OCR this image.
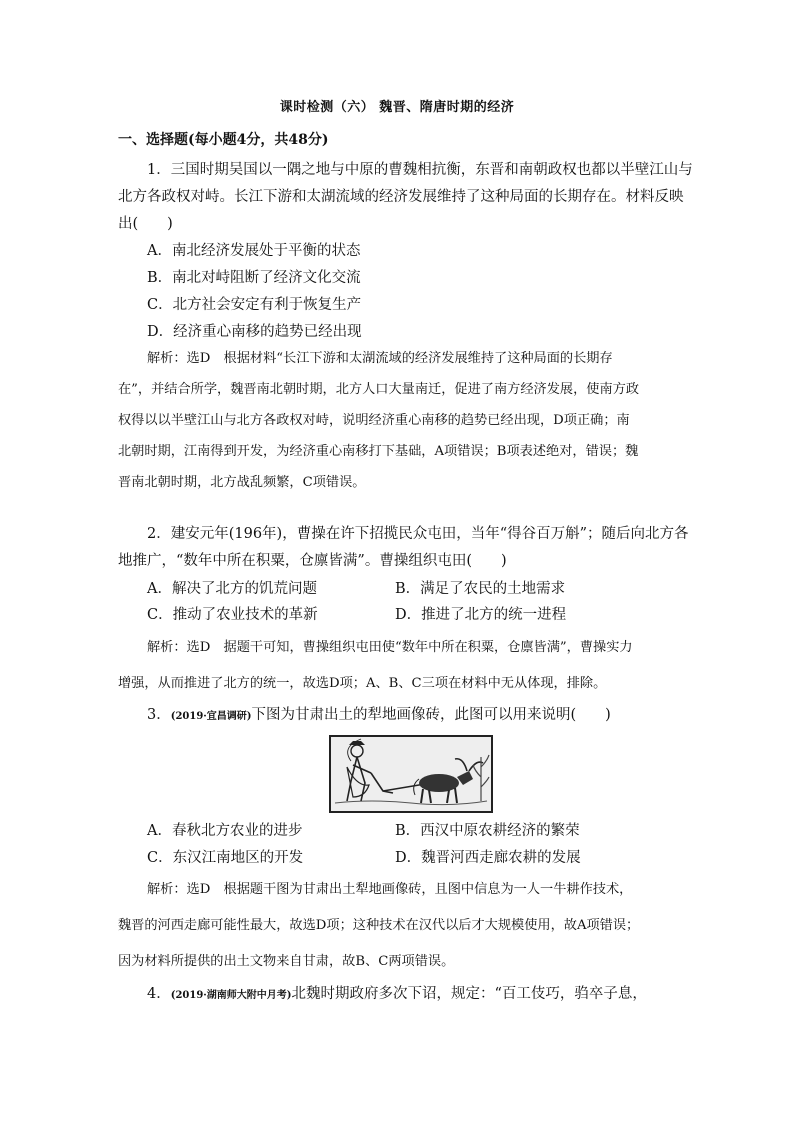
课时检测（六） 魏晋、隋唐时期的经济
一、选择题(每小题4分，共48分)
1．三国时期吴国以一隅之地与中原的曹魏相抗衡，东晋和南朝政权也都以半壁江山与
北方各政权对峙。长江下游和太湖流域的经济发展维持了这种局面的长期存在。材料反映
出(　　)
A．南北经济发展处于平衡的状态
B．南北对峙阻断了经济文化交流
C．北方社会安定有利于恢复生产
D．经济重心南移的趋势已经出现
解析：选D　根据材料“长江下游和太湖流域的经济发展维持了这种局面的长期存
在”，并结合所学，魏晋南北朝时期，北方人口大量南迁，促进了南方经济发展，使南方政
权得以以半壁江山与北方各政权对峙，说明经济重心南移的趋势已经出现，D项正确；南
北朝时期，江南得到开发，为经济重心南移打下基础，A项错误；B项表述绝对，错误；魏
晋南北朝时期，北方战乱频繁，C项错误。
2．建安元年(196年)，曹操在许下招揽民众屯田，当年“得谷百万斛”；随后向北方各
地推广，“数年中所在积粟，仓廪皆满”。曹操组织屯田(　　)
A．解决了北方的饥荒问题	B．满足了农民的土地需求
C．推动了农业技术的革新	D．推进了北方的统一进程
解析：选D　据题干可知，曹操组织屯田使“数年中所在积粟，仓廪皆满”，曹操实力
增强，从而推进了北方的统一，故选D项；A、B、C三项在材料中无从体现，排除。
3．(2019·宜昌调研)下图为甘肃出土的犁地画像砖，此图可以用来说明(　　)
A．春秋北方农业的进步	B．西汉中原农耕经济的繁荣
C．东汉江南地区的开发	D．魏晋河西走廊农耕的发展
解析：选D　根据题干图为甘肃出土犁地画像砖，且图中信息为一人一牛耕作技术，
魏晋的河西走廊可能性最大，故选D项；这种技术在汉代以后才大规模使用，故A项错误；
因为材料所提供的出土文物来自甘肃，故B、C两项错误。
4．(2019·湖南师大附中月考)北魏时期政府多次下诏，规定：“百工伎巧，驺卒子息，
